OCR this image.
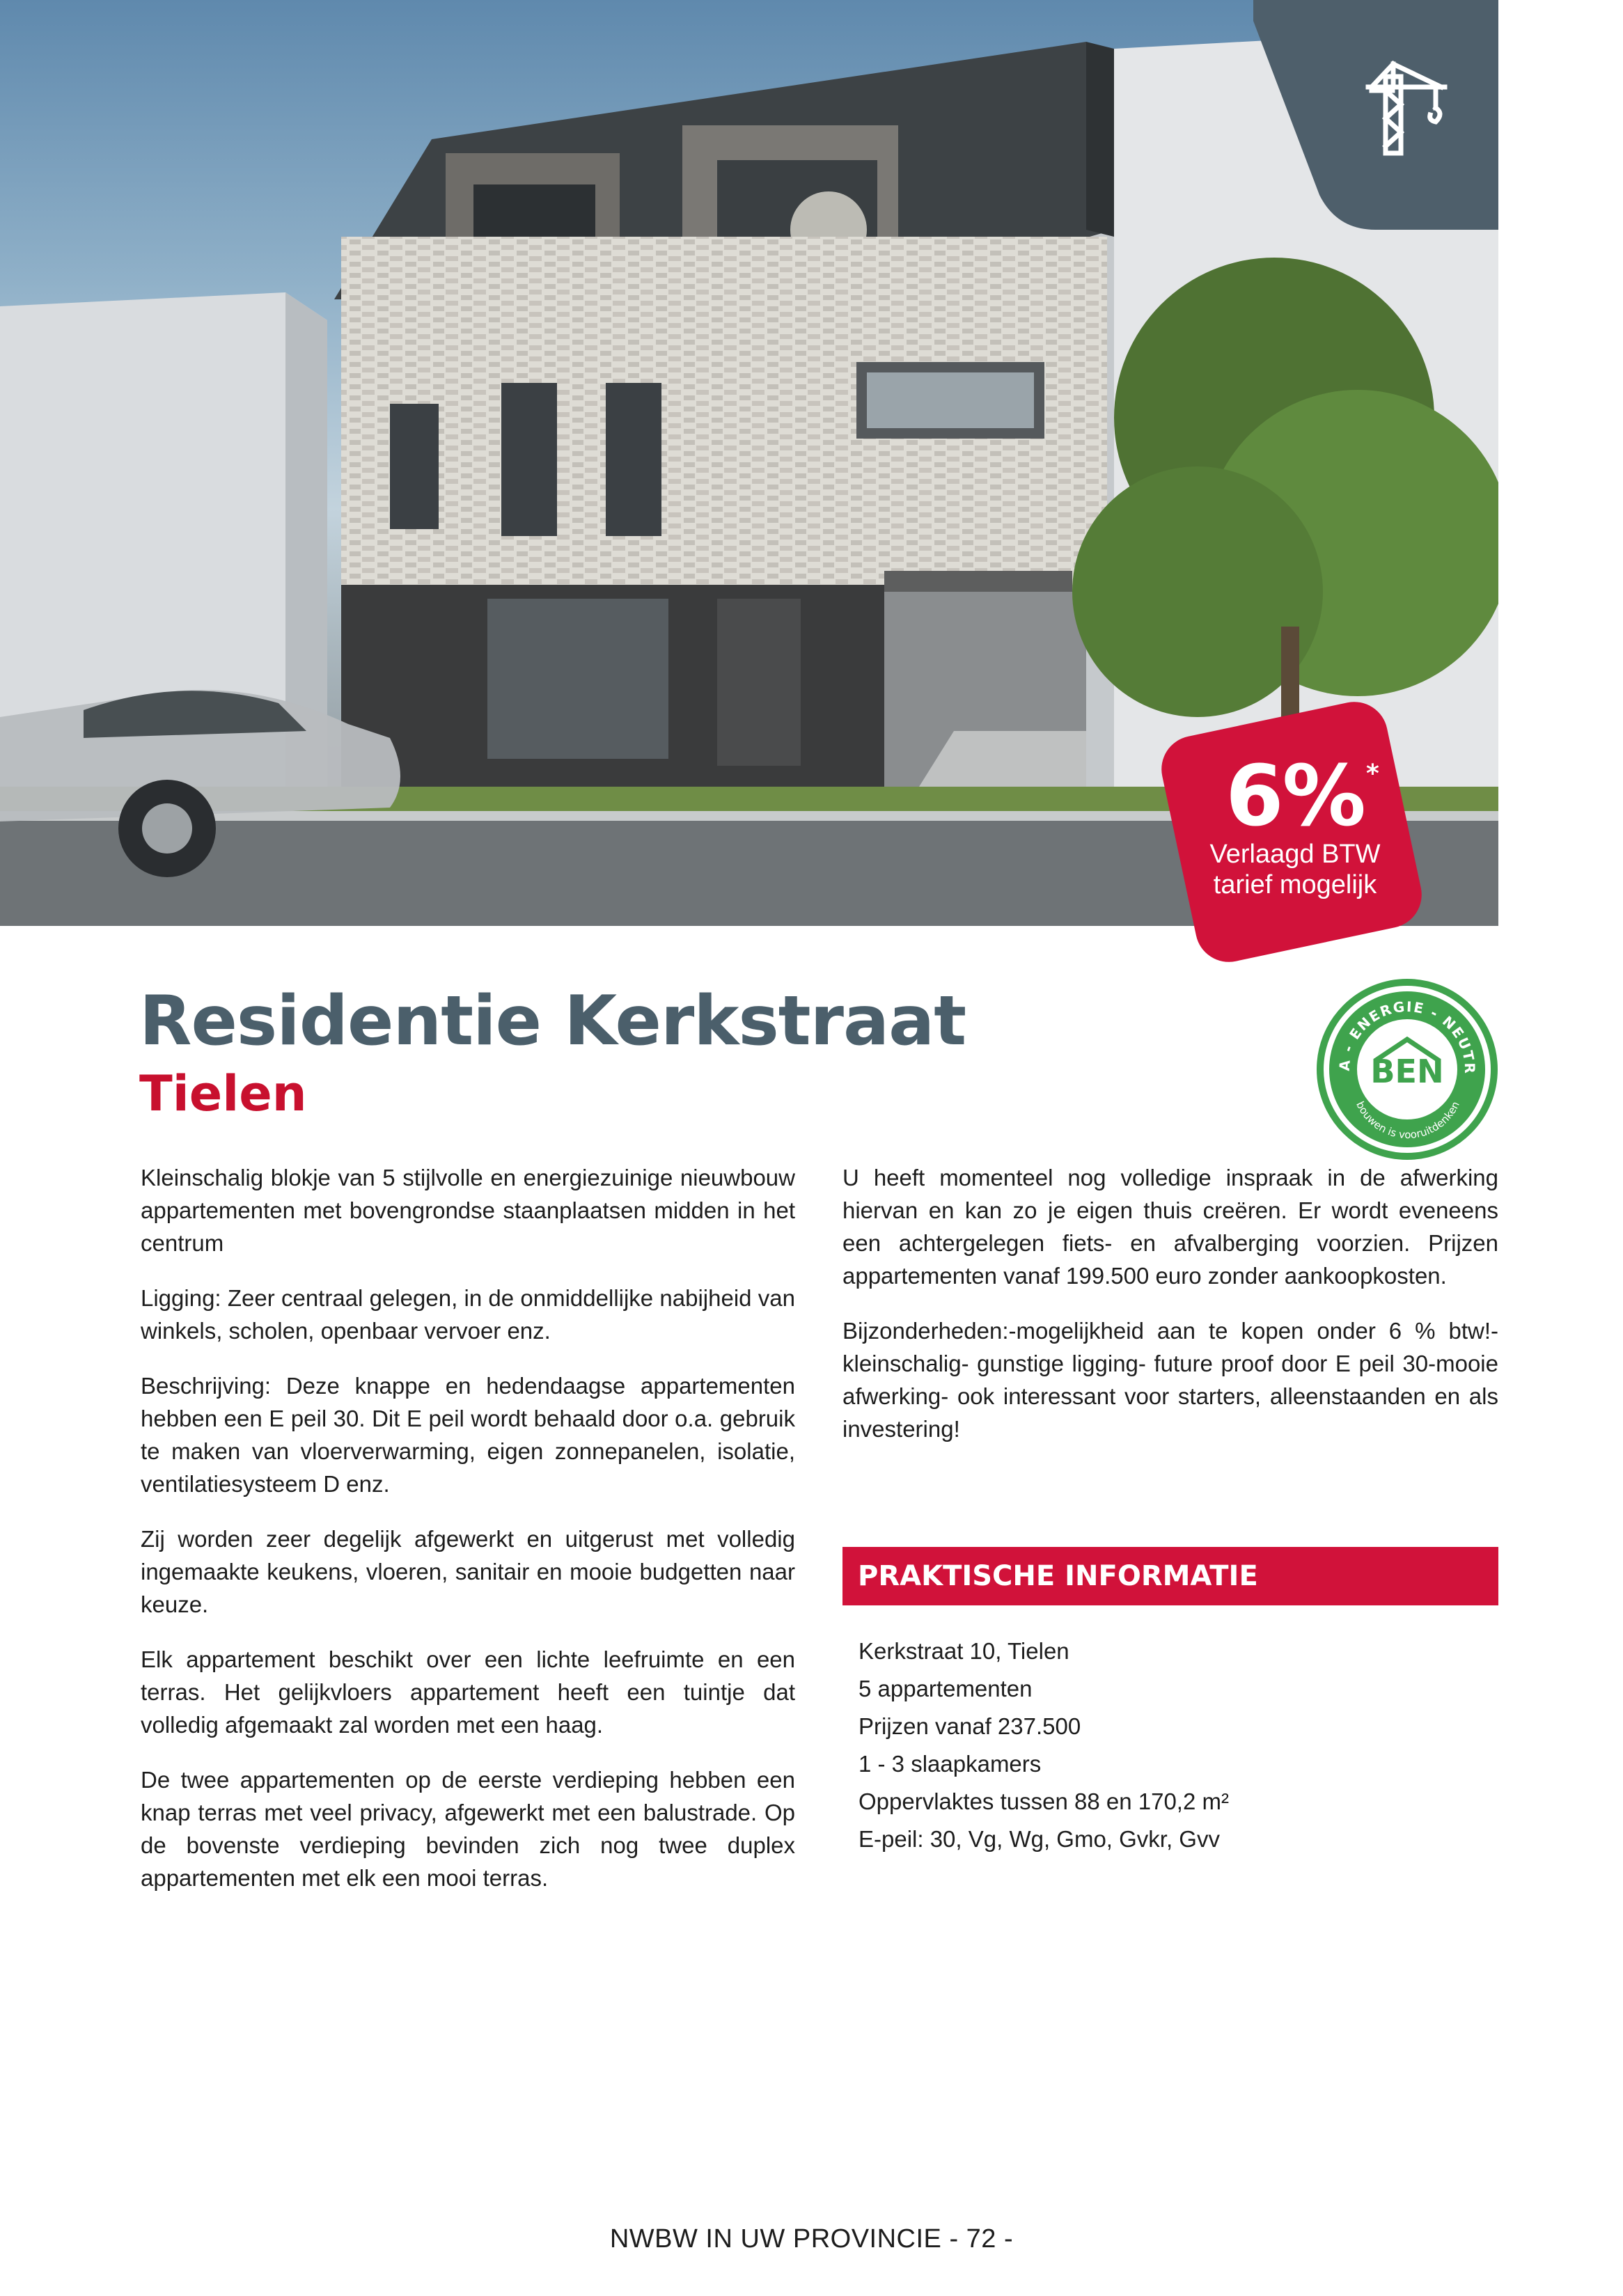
6% *
Verlaagd BTW
tarief mogelijk
A - ENERGIE - NEUTR
bouwen is vooruitdenken
BEN
Residentie Kerkstraat
Tielen

Kleinschalig blokje van 5 stijlvolle en energiezuinige nieuwbouw appartementen met bovengrondse staanplaatsen midden in het centrum

Ligging: Zeer centraal gelegen, in de onmiddellijke nabijheid van winkels, scholen, openbaar vervoer enz.

Beschrijving: Deze knappe en hedendaagse appartementen hebben een E peil 30. Dit E peil wordt behaald door o.a. gebruik te maken van vloerverwarming, eigen zonnepanelen, isolatie, ventilatiesysteem D enz.

Zij worden zeer degelijk afgewerkt en uitgerust met volledig ingemaakte keukens, vloeren, sanitair en mooie budgetten naar keuze.

Elk appartement beschikt over een lichte leefruimte en een terras. Het gelijkvloers appartement heeft een tuintje dat volledig afgemaakt zal worden met een haag.

De twee appartementen op de eerste verdieping hebben een knap terras met veel privacy, afgewerkt met een balustrade. Op de bovenste verdieping bevinden zich nog twee duplex appartementen met elk een mooi terras.

U heeft momenteel nog volledige inspraak in de afwerking hiervan en kan zo je eigen thuis creëren. Er wordt eveneens een achtergelegen fiets- en afvalberging voorzien. Prijzen appartementen vanaf 199.500 euro zonder aankoopkosten.

Bijzonderheden:-mogelijkheid aan te kopen onder 6 % btw!-kleinschalig- gunstige ligging- future proof door E peil 30-mooie afwerking- ook interessant voor starters, alleenstaanden en als investering!

PRAKTISCHE INFORMATIE
Kerkstraat 10, Tielen
5 appartementen
Prijzen vanaf 237.500
1 - 3 slaapkamers
Oppervlaktes tussen 88 en 170,2 m²
E-peil: 30, Vg, Wg, Gmo, Gvkr, Gvv
NWBW IN UW PROVINCIE - 72 -
